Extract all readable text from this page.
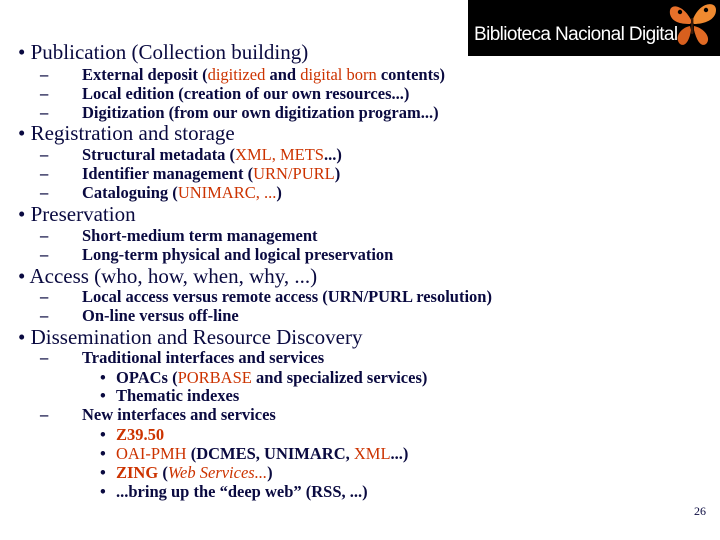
Biblioteca Nacional Digital
• Publication (Collection building)
– External deposit (digitized and digital born contents)
– Local edition (creation of our own resources...)
– Digitization (from our own digitization program...)
• Registration and storage
– Structural metadata (XML, METS...)
– Identifier management (URN/PURL)
– Cataloguing (UNIMARC, ...)
• Preservation
– Short-medium term management
– Long-term physical and logical preservation
• Access (who, how, when, why, ...)
– Local access versus remote access (URN/PURL resolution)
– On-line versus off-line
• Dissemination and Resource Discovery
– Traditional interfaces and services
• OPACs (PORBASE and specialized services)
• Thematic indexes
– New interfaces and services
• Z39.50
• OAI-PMH (DCMES, UNIMARC, XML...)
• ZING (Web Services...)
• ...bring up the “deep web” (RSS, ...)
26
